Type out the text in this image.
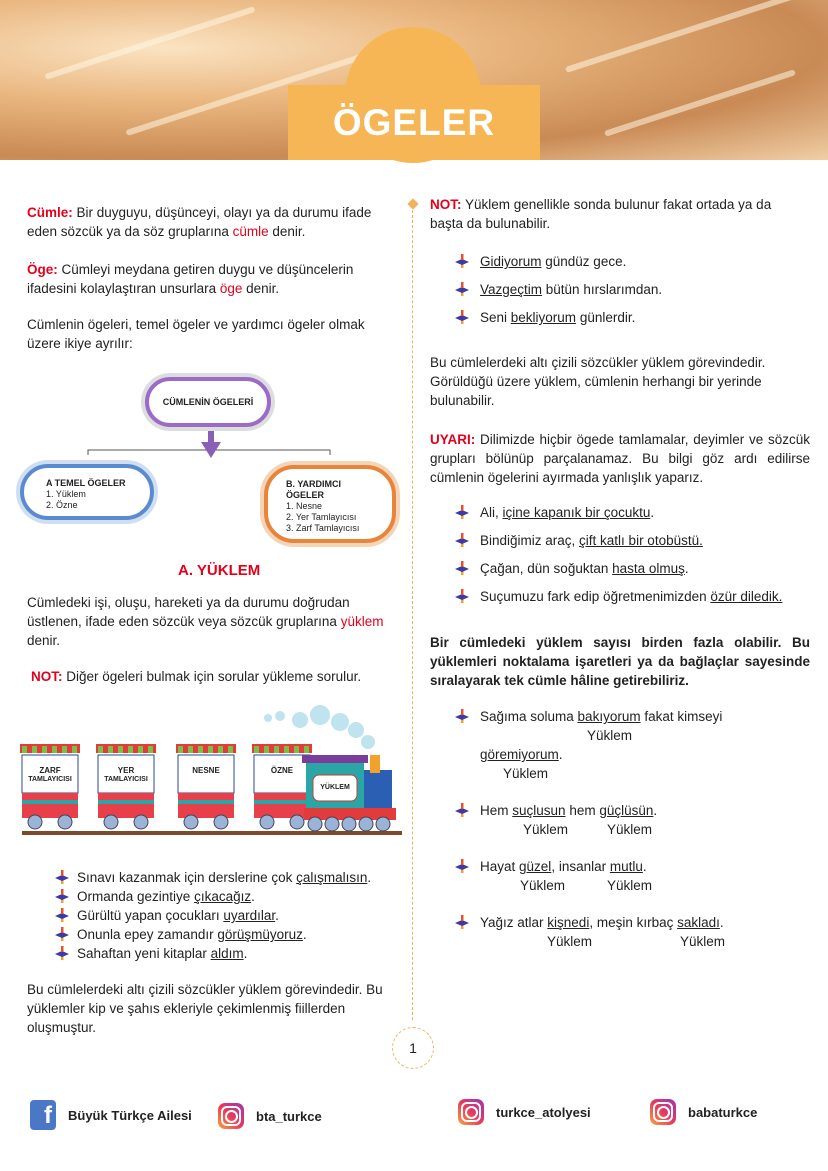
ÖGELER

Cümle: Bir duyguyu, düşünceyi, olayı ya da durumu ifade eden sözcük ya da söz gruplarına cümle denir.

Öge: Cümleyi meydana getiren duygu ve düşüncelerin ifadesini kolaylaştıran unsurlara öge denir.

Cümlenin ögeleri, temel ögeler ve yardımcı ögeler olmak üzere ikiye ayrılır:

CÜMLENİN ÖGELERİ
A TEMEL ÖGELER
1. Yüklem
2. Özne
B. YARDIMCI ÖGELER
1. Nesne
2. Yer Tamlayıcısı
3. Zarf Tamlayıcısı
A. YÜKLEM

Cümledeki işi, oluşu, hareketi ya da durumu doğrudan üstlenen, ifade eden sözcük veya sözcük gruplarına yüklem denir.

NOT: Diğer ögeleri bulmak için sorular yükleme sorulur.

ZARF
TAMLAYICISI
YER
TAMLAYICISI
NESNE	ÖZNE
YÜKLEM
Sınavı kazanmak için derslerine çok çalışmalısın.
Ormanda gezintiye çıkacağız.
Gürültü yapan çocukları uyardılar.
Onunla epey zamandır görüşmüyoruz.
Sahaftan yeni kitaplar aldım.

Bu cümlelerdeki altı çizili sözcükler yüklem görevindedir. Bu yüklemler kip ve şahıs ekleriyle çekimlenmiş fiillerden oluşmuştur.

1

NOT: Yüklem genellikle sonda bulunur fakat ortada ya da başta da bulunabilir.

Gidiyorum gündüz gece.
Vazgeçtim bütün hırslarımdan.
Seni bekliyorum günlerdir.

Bu cümlelerdeki altı çizili sözcükler yüklem görevindedir. Görüldüğü üzere yüklem, cümlenin herhangi bir yerinde bulunabilir.

UYARI: Dilimizde hiçbir ögede tamlamalar, deyimler ve sözcük grupları bölünüp parçalanamaz. Bu bilgi göz ardı edilirse cümlenin ögelerini ayırmada yanlışlık yaparız.

Ali, içine kapanık bir çocuktu.
Bindiğimiz araç, çift katlı bir otobüstü.
Çağan, dün soğuktan hasta olmuş.
Suçumuzu fark edip öğretmenimizden özür diledik.

Bir cümledeki yüklem sayısı birden fazla olabilir. Bu yüklemleri noktalama işaretleri ya da bağlaçlar sayesinde sıralayarak tek cümle hâline getirebiliriz.

Sağıma soluma bakıyorum fakat kimseyi
göremiyorum.
Hem suçlusun hem güçlüsün.
Hayat güzel, insanlar mutlu.
Yağız atlar kişnedi, meşin kırbaç sakladı.
Yüklem
Yüklem
Yüklem	Yüklem
Yüklem	Yüklem
Yüklem	Yüklem
f	Büyük Türkçe Ailesi	bta_turkce	turkce_atolyesi	babaturkce
